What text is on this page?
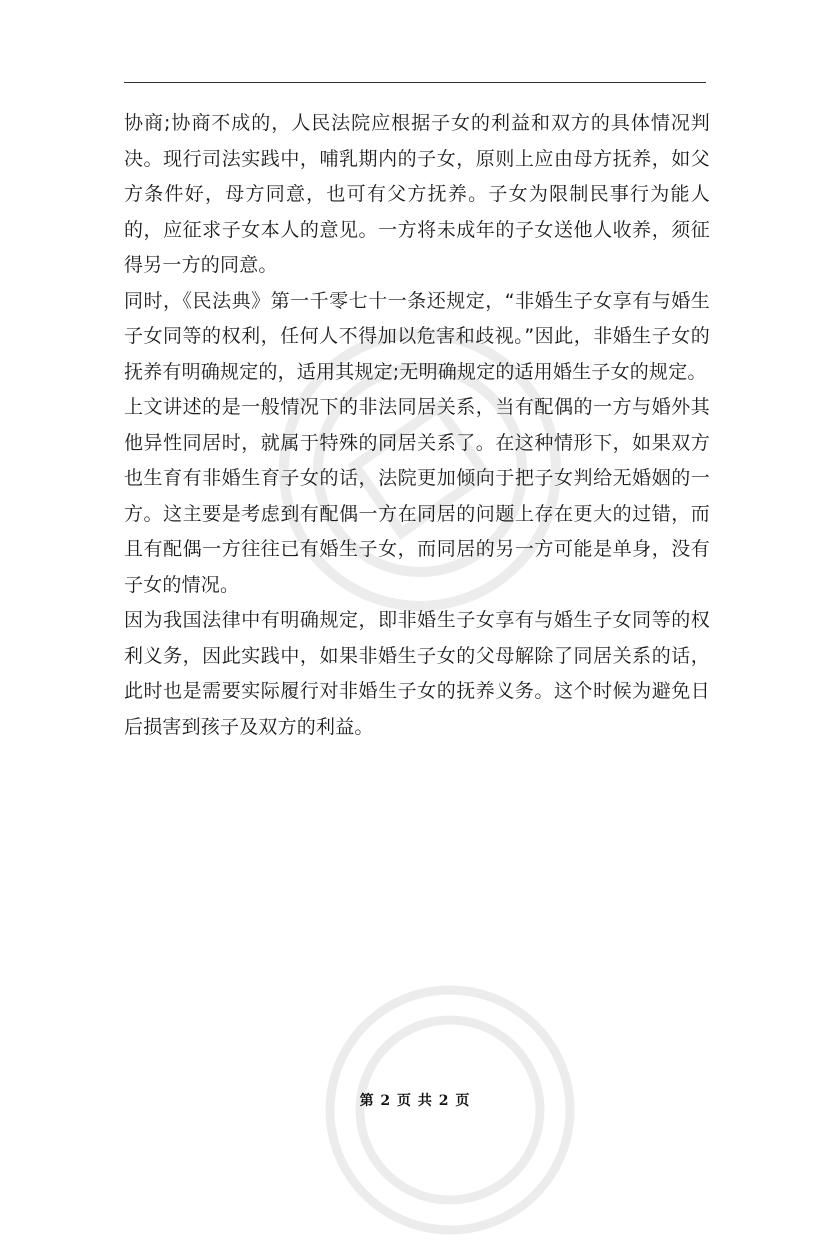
协商;协商不成的，人民法院应根据子女的利益和双方的具体情况判决。现行司法实践中，哺乳期内的子女，原则上应由母方抚养，如父方条件好，母方同意，也可有父方抚养。子女为限制民事行为能人的，应征求子女本人的意见。一方将未成年的子女送他人收养，须征得另一方的同意。

同时，《民法典》第一千零七十一条还规定，“非婚生子女享有与婚生子女同等的权利，任何人不得加以危害和歧视。”因此，非婚生子女的抚养有明确规定的，适用其规定;无明确规定的适用婚生子女的规定。

上文讲述的是一般情况下的非法同居关系，当有配偶的一方与婚外其他异性同居时，就属于特殊的同居关系了。在这种情形下，如果双方也生育有非婚生育子女的话，法院更加倾向于把子女判给无婚姻的一方。这主要是考虑到有配偶一方在同居的问题上存在更大的过错，而且有配偶一方往往已有婚生子女，而同居的另一方可能是单身，没有子女的情况。

因为我国法律中有明确规定，即非婚生子女享有与婚生子女同等的权利义务，因此实践中，如果非婚生子女的父母解除了同居关系的话，此时也是需要实际履行对非婚生子女的抚养义务。这个时候为避免日后损害到孩子及双方的利益。

第 2 页 共 2 页
